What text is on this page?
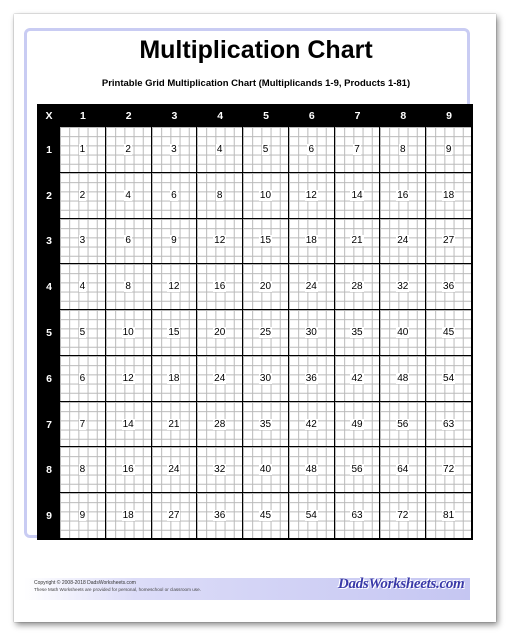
Multiplication Chart

Printable Grid Multiplication Chart (Multiplicands 1-9, Products 1-81)

X	1	2	3	4	5	6	7	8	9
1	1	2	3	4	5	6	7	8	9
2	2	4	6	8	10	12	14	16	18
3	3	6	9	12	15	18	21	24	27
4	4	8	12	16	20	24	28	32	36
5	5	10	15	20	25	30	35	40	45
6	6	12	18	24	30	36	42	48	54
7	7	14	21	28	35	42	49	56	63
8	8	16	24	32	40	48	56	64	72
9	9	18	27	36	45	54	63	72	81
Copyright © 2008-2018 DadsWorksheets.com
These Math Worksheets are provided for personal, homeschool or classroom use.	DadsWorksheets.com
